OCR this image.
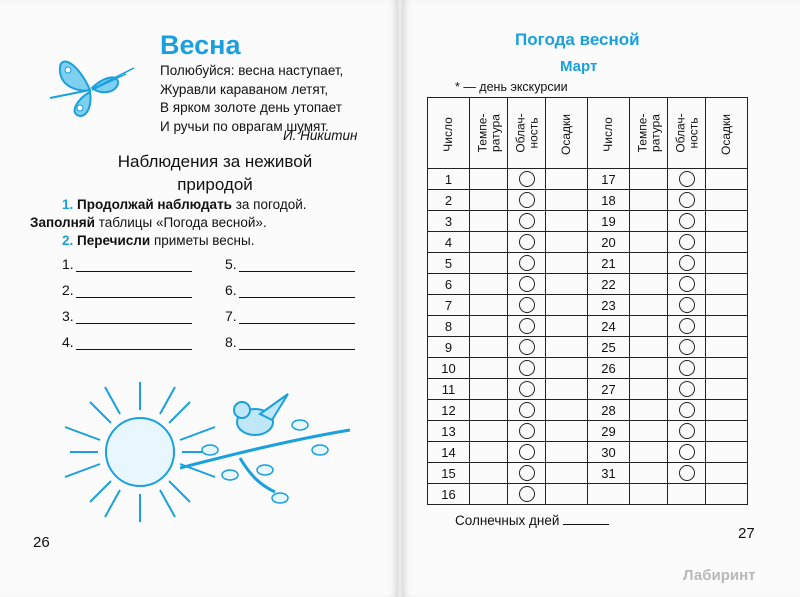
Весна
Полюбуйся: весна наступает,
Журавли караваном летят,
В ярком золоте день утопает
И ручьи по оврагам шумят.
И. Никитин
Наблюдения за неживой
природой
1. Продолжай наблюдать за погодой.
Заполняй таблицы «Погода весной».
2. Перечисли приметы весны.
1.
2.
3.
4.
5.
6.
7.
8.
26
Погода весной
Март
* — день экскурсии
Число	Темпе- ратура	Облач- ность	Осадки	Число	Темпе- ратура	Облач- ность	Осадки
1				17			
2				18			
3				19			
4				20			
5				21			
6				22			
7				23			
8				24			
9				25			
10				26			
11				27			
12				28			
13				29			
14				30			
15				31			
16							
Солнечных дней
27
Лабиринт
